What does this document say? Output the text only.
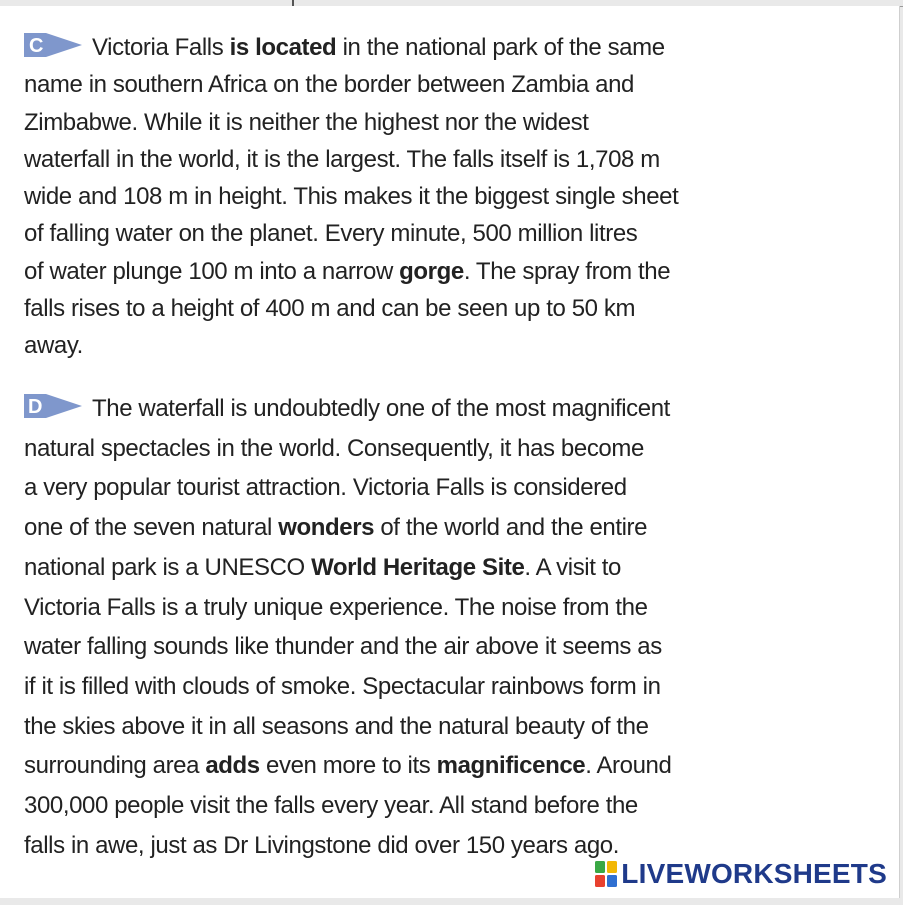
C Victoria Falls is located in the national park of the same
name in southern Africa on the border between Zambia and
Zimbabwe. While it is neither the highest nor the widest
waterfall in the world, it is the largest. The falls itself is 1,708 m
wide and 108 m in height. This makes it the biggest single sheet
of falling water on the planet. Every minute, 500 million litres
of water plunge 100 m into a narrow gorge. The spray from the
falls rises to a height of 400 m and can be seen up to 50 km
away.
D The waterfall is undoubtedly one of the most magnificent
natural spectacles in the world. Consequently, it has become
a very popular tourist attraction. Victoria Falls is considered
one of the seven natural wonders of the world and the entire
national park is a UNESCO World Heritage Site. A visit to
Victoria Falls is a truly unique experience. The noise from the
water falling sounds like thunder and the air above it seems as
if it is filled with clouds of smoke. Spectacular rainbows form in
the skies above it in all seasons and the natural beauty of the
surrounding area adds even more to its magnificence. Around
300,000 people visit the falls every year. All stand before the
falls in awe, just as Dr Livingstone did over 150 years ago.
LIVEWORKSHEETS
